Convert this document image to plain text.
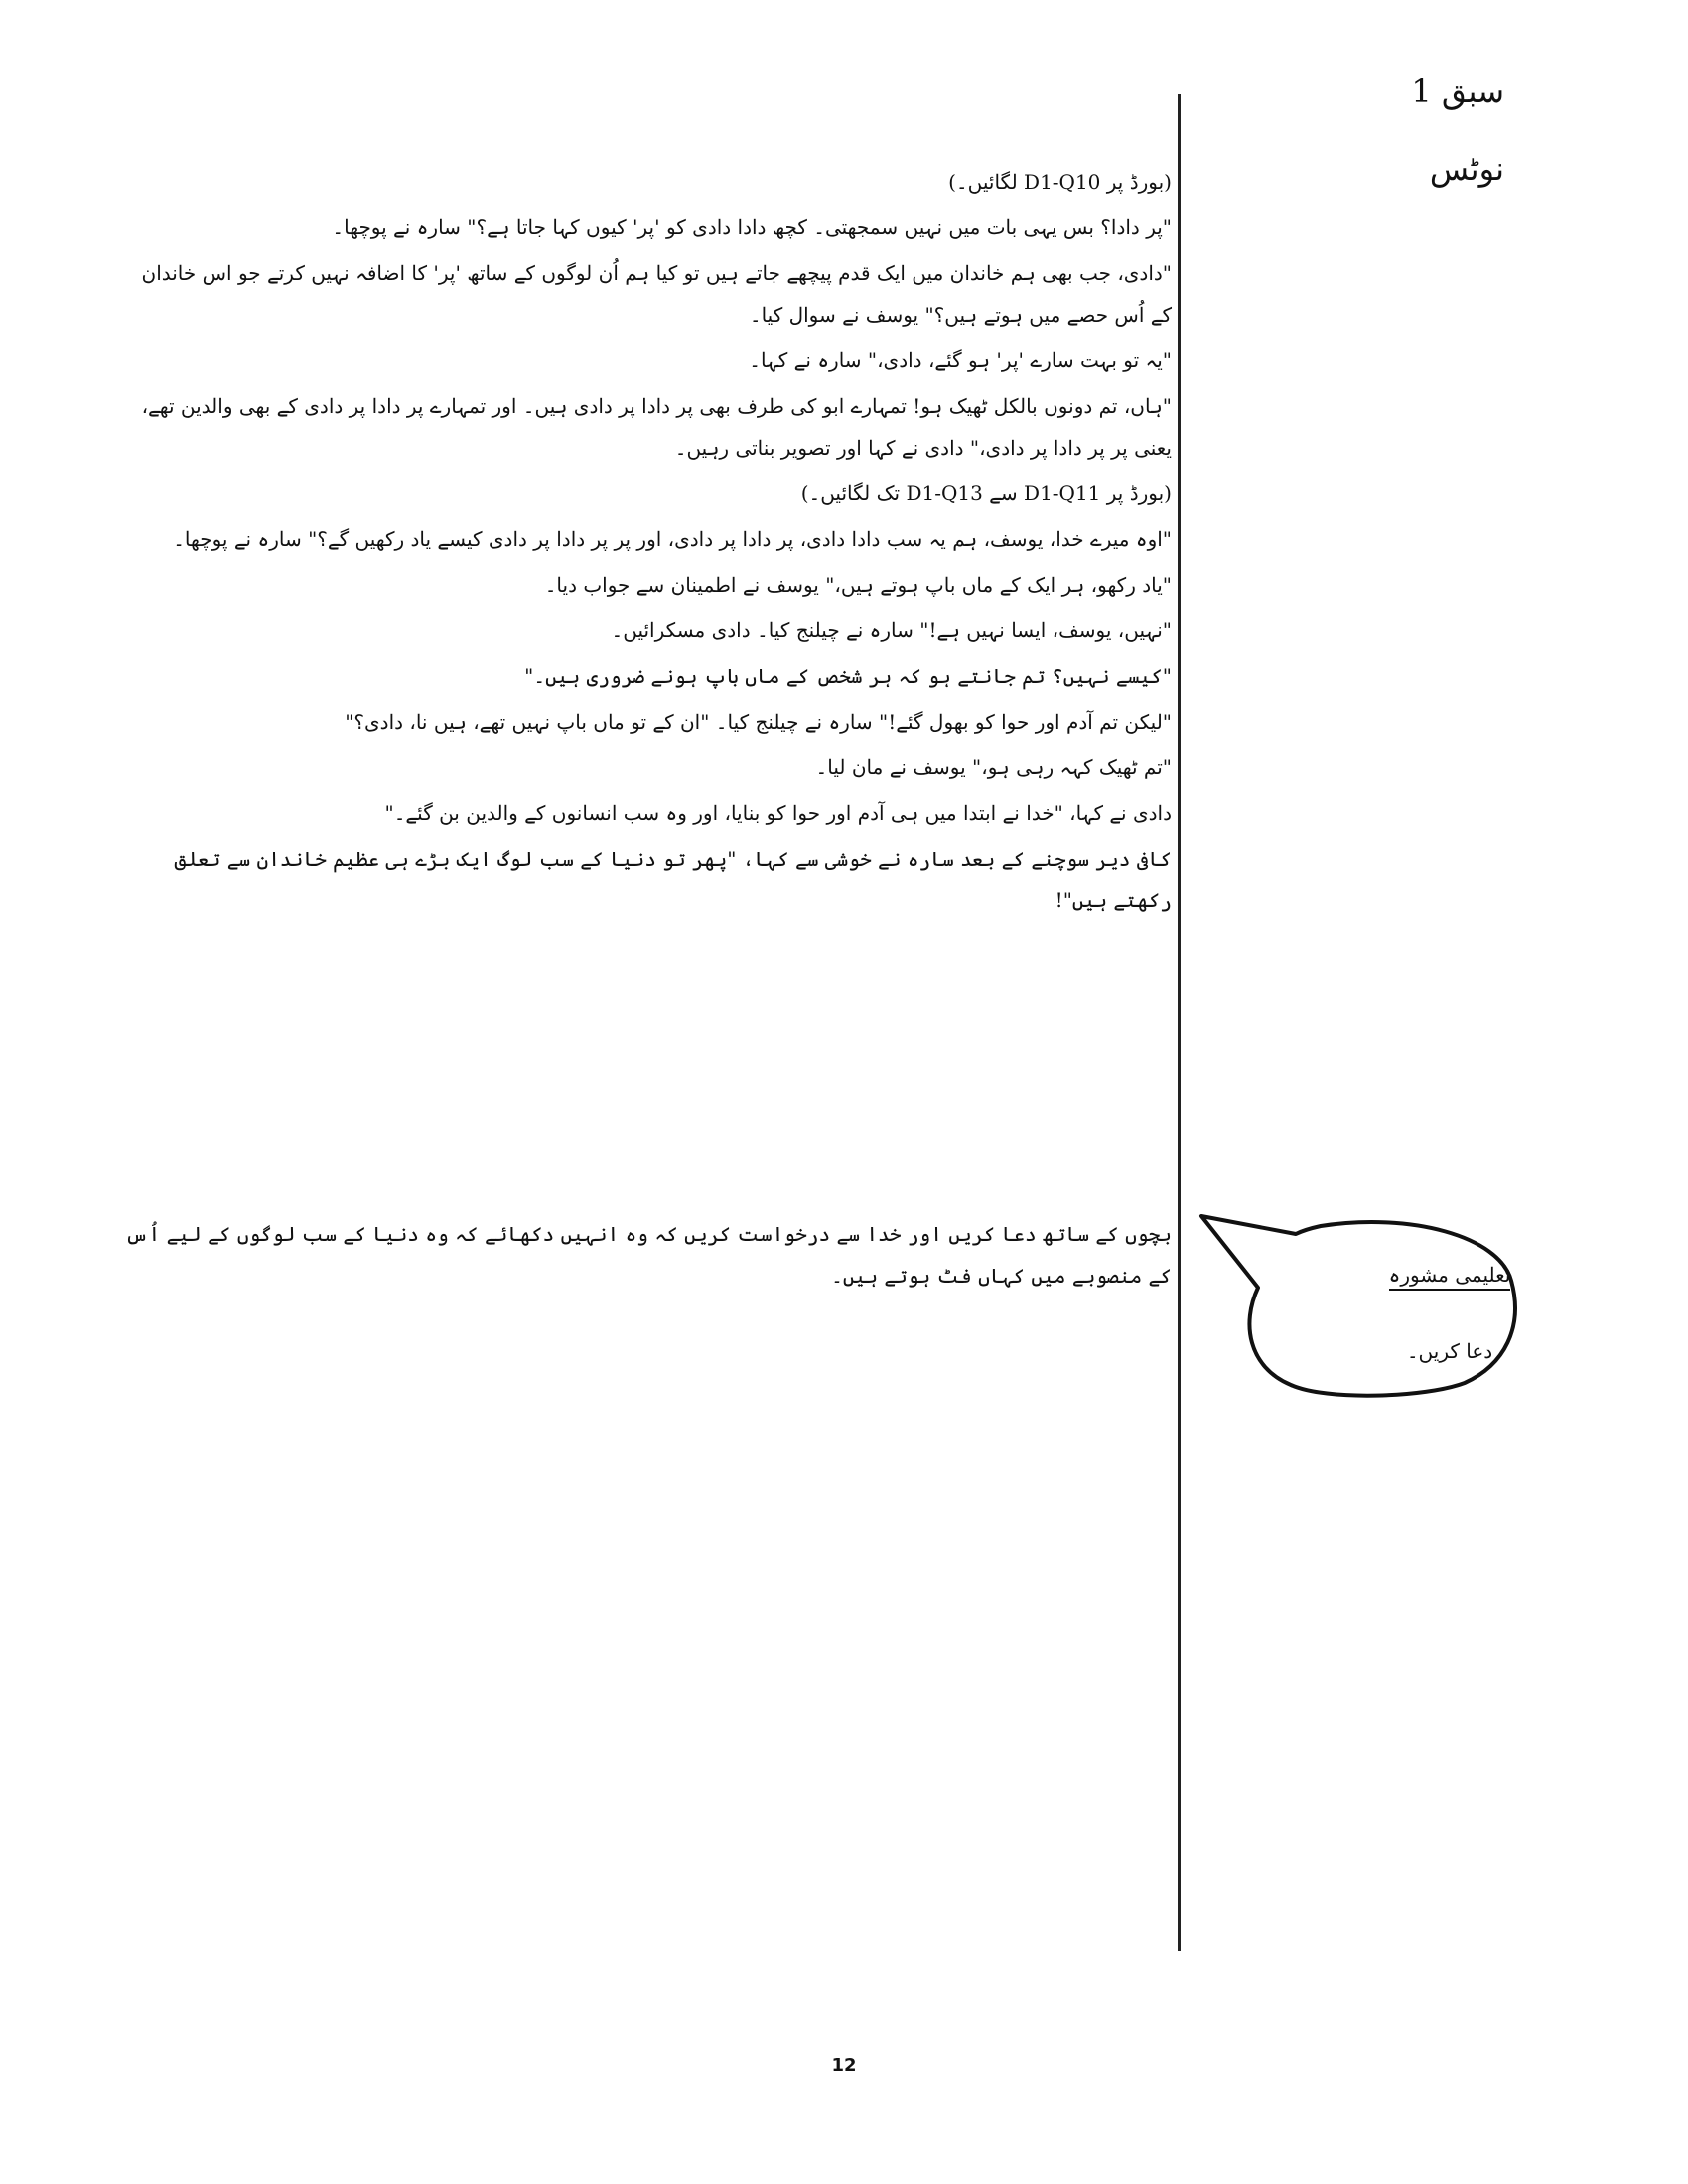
سبق 1
نوٹس

(بورڈ پر D1-Q10 لگائیں۔)

"پر دادا؟ بس یہی بات میں نہیں سمجھتی۔ کچھ دادا دادی کو 'پر' کیوں کہا جاتا ہے؟" سارہ نے پوچھا۔

"دادی، جب بھی ہم خاندان میں ایک قدم پیچھے جاتے ہیں تو کیا ہم اُن لوگوں کے ساتھ 'پر' کا اضافہ نہیں کرتے جو اس خاندان کے اُس حصے میں ہوتے ہیں؟" یوسف نے سوال کیا۔

"یہ تو بہت سارے 'پر' ہو گئے، دادی،" سارہ نے کہا۔

"ہاں، تم دونوں بالکل ٹھیک ہو! تمہارے ابو کی طرف بھی پر دادا پر دادی ہیں۔ اور تمہارے پر دادا پر دادی کے بھی والدین تھے، یعنی پر پر دادا پر دادی،" دادی نے کہا اور تصویر بناتی رہیں۔

(بورڈ پر D1-Q11 سے D1-Q13 تک لگائیں۔)

"اوہ میرے خدا، یوسف، ہم یہ سب دادا دادی، پر دادا پر دادی، اور پر پر دادا پر دادی کیسے یاد رکھیں گے؟" سارہ نے پوچھا۔

"یاد رکھو، ہر ایک کے ماں باپ ہوتے ہیں،" یوسف نے اطمینان سے جواب دیا۔

"نہیں، یوسف، ایسا نہیں ہے!" سارہ نے چیلنج کیا۔ دادی مسکرائیں۔

"کیسے نہیں؟ تم جانتے ہو کہ ہر شخص کے ماں باپ ہونے ضروری ہیں۔"

"لیکن تم آدم اور حوا کو بھول گئے!" سارہ نے چیلنج کیا۔ "ان کے تو ماں باپ نہیں تھے، ہیں نا، دادی؟"

"تم ٹھیک کہہ رہی ہو،" یوسف نے مان لیا۔

دادی نے کہا، "خدا نے ابتدا میں ہی آدم اور حوا کو بنایا، اور وہ سب انسانوں کے والدین بن گئے۔"

کافی دیر سوچنے کے بعد سارہ نے خوشی سے کہا، "پھر تو دنیا کے سب لوگ ایک بڑے ہی عظیم خاندان سے تعلق رکھتے ہیں"!

بچوں کے ساتھ دعا کریں اور خدا سے درخواست کریں کہ وہ انہیں دکھائے کہ وہ دنیا کے سب لوگوں کے لیے اُس کے منصوبے میں کہاں فٹ ہوتے ہیں۔	تعلیمی مشورہ
دعا کریں۔
12
